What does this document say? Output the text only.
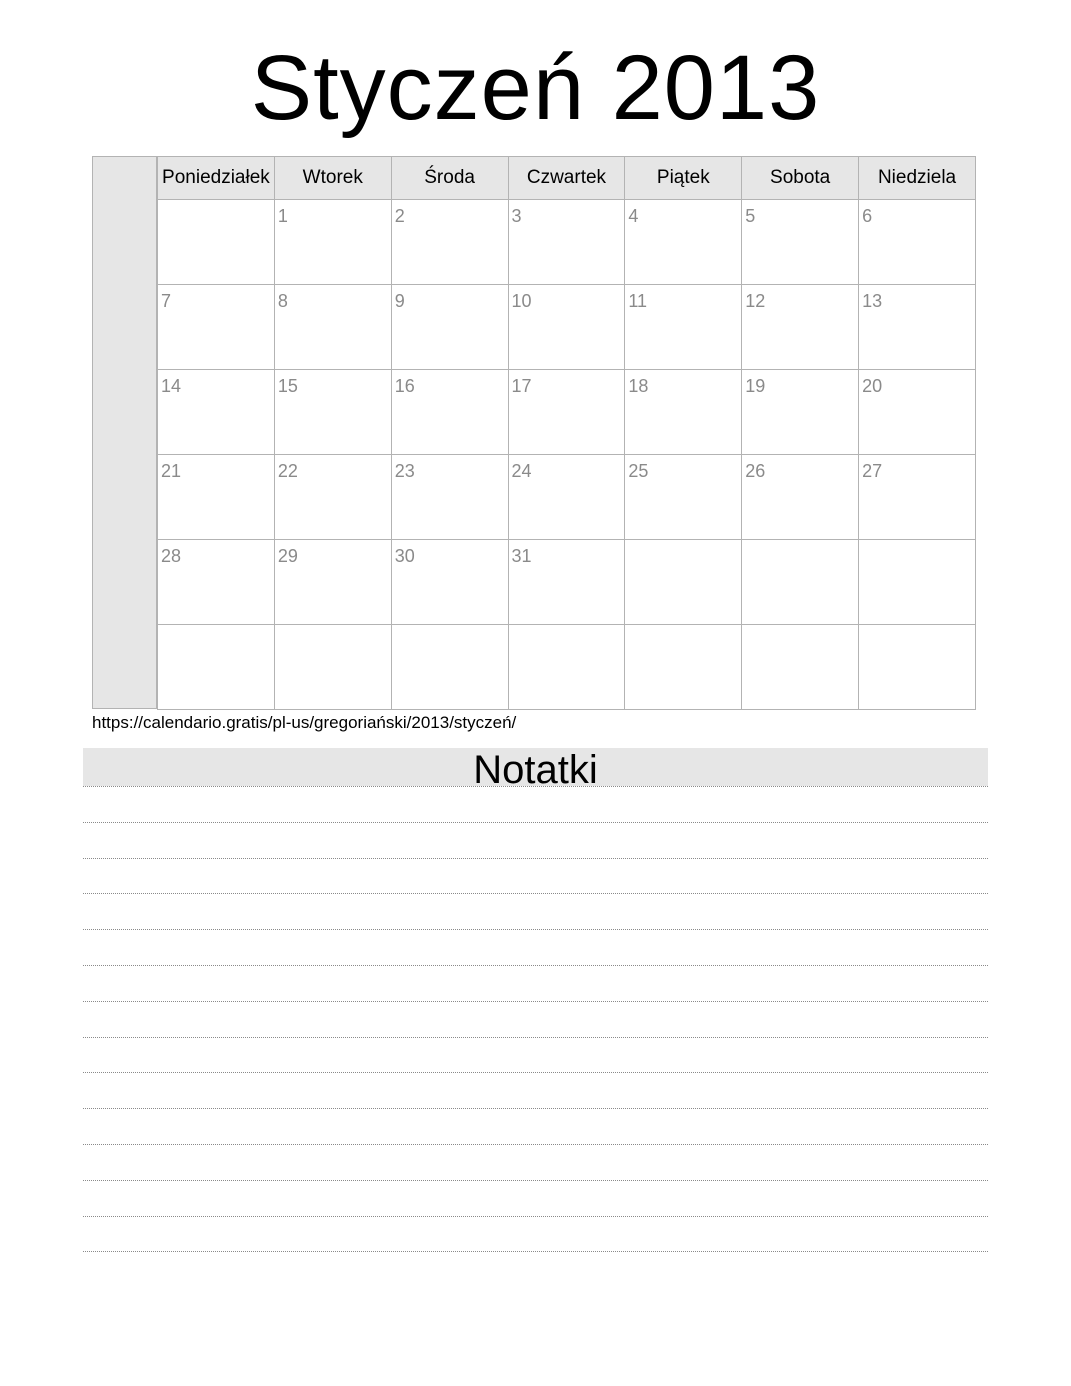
Styczeń 2013
Poniedziałek	Wtorek	Środa	Czwartek	Piątek	Sobota	Niedziela

	1	2	3	4	5	6

7	8	9	10	11	12	13

14	15	16	17	18	19	20

21	22	23	24	25	26	27

28	29	30	31			

https://calendario.gratis/pl-us/gregoriański/2013/styczeń/
Notatki
